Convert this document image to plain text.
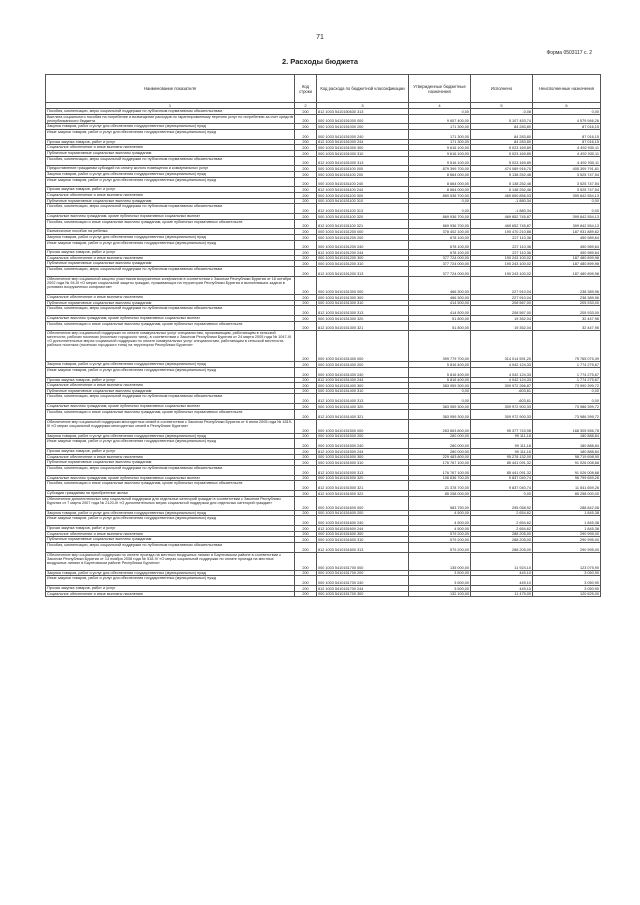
71
Форма 0503117 с. 2
2. Расходы бюджета
Наименование показателя	Код строки	Код расхода по бюджетной классификации	Утвержденные бюджетные назначения	Исполнено	Неисполненные назначения
1	2	3	4	5	6
Пособия, компенсации, меры социальной поддержки по публичным нормативным обязательствам	200	812 1003 5410150630 313	0,00	-0,08	0,00
Выплата социального пособия на погребение и возмещение расходов по гарантированному перечню услуг по погребению за счет средств республиканского бюджета	200	000 1003 5410151000 000	9 657 400,00	5 107 453,74	4 579 946,26
Закупка товаров, работ и услуг для обеспечения государственных (муниципальных) нужд	200	000 1003 5410151000 200	171 300,00	84 283,80	87 016,15
Иные закупки товаров, работ и услуг для обеспечения государственных (муниципальных) нужд	200	000 1003 5410151000 240	171 300,00	84 283,80	87 016,15
Прочая закупка товаров, работ и услуг	200	812 1003 5410151000 244	171 300,00	84 283,80	87 016,15
Социальное обеспечение и иные выплаты населению	200	000 1003 5410151000 300	9 616 100,00	5 023 169,89	4 492 930,11
Публичные нормативные социальные выплаты гражданам	200	000 1003 5410151000 310	9 616 100,00	5 023 169,89	4 492 930,11
Пособия, компенсации, меры социальной поддержки по публичным нормативным обязательствам	200	812 1003 5410151000 313	9 516 100,00	5 023 169,89	4 492 930,11
Предоставление гражданам субсидий на оплату жилого помещения и коммунальных услуг	200	000 1003 5410151100 000	879 399 700,00	474 089 916,70	405 309 791,61
Закупка товаров, работ и услуг для обеспечения государственных (муниципальных) нужд	200	000 1003 5410151100 200	8 664 000,00	5 138 252,46	3 525 747,54
Иные закупки товаров, работ и услуг для обеспечения государственных (муниципальных) нужд	200	000 1003 5410151100 240	8 664 000,00	5 138 252,46	3 525 747,54
Прочая закупка товаров, работ и услуг	200	812 1003 5410151100 244	8 664 000,00	5 138 252,46	3 525 747,54
Социальное обеспечение и иные выплаты населению	200	000 1003 5410151100 300	869 536 700,00	469 650 856,03	399 842 554,13
Публичные нормативные социальные выплаты гражданам	200	000 1003 5410151100 310	0,00	-1 880,34	0,00
Пособия, компенсации, меры социальной поддержки по публичным нормативным обязательствам	200	812 1003 5410151100 313	0,00	-1 880,34	0,00
Социальные выплаты гражданам, кроме публичных нормативных социальных выплат	200	000 1003 5410151100 320	869 936 700,00	469 652 745,87	399 842 554,13
Пособия, компенсации и иные социальные выплаты гражданам, кроме публичных нормативных обязательств	200	812 1003 5410151100 321	869 936 700,00	469 652 745,87	399 842 554,13
Ежемесячное пособие на ребенка	200	000 1003 5410151200 000	378 402 100,00	190 470 210,88	187 931 889,62
Закупка товаров, работ и услуг для обеспечения государственных (муниципальных) нужд	200	000 1003 5410151200 200	678 100,00	227 110,36	450 989,64
Иные закупки товаров, работ и услуг для обеспечения государственных (муниципальных) нужд	200	000 1003 5410151200 240	678 100,00	227 110,36	450 989,64
Прочая закупка товаров, работ и услуг	200	812 1003 5410151200 244	678 100,00	227 110,36	450 989,64
Социальное обеспечение и иные выплаты населению	200	000 1003 5410151200 300	377 724 000,00	190 243 100,02	187 480 899,98
Публичные нормативные социальные выплаты гражданам	200	000 1003 5410151200 310	377 724 000,00	190 243 100,02	187 480 899,98
Пособия, компенсации, меры социальной поддержки по публичным нормативным обязательствам	200	812 1003 5410151200 313	377 724 000,00	190 243 100,02	187 480 899,98
Обеспечение мер социальной защиты участников вооруженных конфликтов в соответствии с Законом Республики Бурятия от 16 октября 2002 года № 94-III «О мерах социальной защиты граждан, проживающих на территории Республики Бурятия и выполнявших задачи в условиях вооруженных конфликтов»	200	000 1003 5410151300 000	466 300,00	227 910,04	238 389,96
Социальное обеспечение и иные выплаты населению	200	000 1003 5410151300 300	466 300,00	227 910,04	238 389,96
Публичные нормативные социальные выплаты гражданам	200	000 1003 5410151300 310	414 500,00	208 567,00	205 933,00
Пособия, компенсации, меры социальной поддержки по публичным нормативным обязательствам	200	812 1003 5410151300 313	414 500,00	208 567,00	205 933,00
Социальные выплаты гражданам, кроме публичных нормативных социальных выплат	200	000 1003 5410151300 320	51 800,00	19 352,04	32 447,96
Пособия, компенсации и иные социальные выплаты гражданам, кроме публичных нормативных обязательств	200	812 1003 5410151300 321	51 800,00	19 352,04	32 447,96
Обеспечение мер социальной поддержки по оплате коммунальных услуг специалистам, проживающим, работающим в сельской местности, рабочих поселках (поселках городского типа), в соответствии с Законом Республики Бурятия от 24 марта 2005 года № 1047-III «О дополнительных мерах социальной поддержки по оплате коммунальных услуг специалистам, работающим в сельской местности, рабочих поселках (поселках городского типа) на территории Республики Бурятия»	200	000 1003 5410151400 000	399 779 700,00	314 014 591,20	75 765 075,39
Закупка товаров, работ и услуг для обеспечения государственных (муниципальных) нужд	200	000 1003 5410151400 200	5 816 400,00	4 042 124,33	1 774 275,67
Иные закупки товаров, работ и услуг для обеспечения государственных (муниципальных) нужд	200	000 1003 5410151400 240	5 816 400,00	4 042 124,33	1 774 275,67
Прочая закупка товаров, работ и услуг	200	812 1003 5410151400 244	5 816 400,00	4 042 124,33	1 774 275,67
Социальное обеспечение и иные выплаты населению	200	000 1003 5410151400 300	383 959 300,00	309 972 266,87	73 990 399,72
Публичные нормативные социальные выплаты гражданам	200	000 1003 5410151400 310	0,00	-603,61	0,00
Пособия, компенсации, меры социальной поддержки по публичным нормативным обязательствам	200	812 1003 5410151400 313	0,00	-603,61	0,00
Социальные выплаты гражданам, кроме публичных нормативных социальных выплат	200	000 1003 5410151400 320	383 959 300,00	309 972 900,33	73 986 399,72
Пособия, компенсации и иные социальные выплаты гражданам, кроме публичных нормативных обязательств	200	812 1003 5410151400 321	383 959 300,00	309 972 900,33	73 986 399,72
Обеспечение мер социальной поддержки многодетных семей в соответствии с Законом Республики Бурятия от 6 июня 2005 года № 1819-III «О мерах социальной поддержки многодетных семей в Республике Бурятия»	200	000 1003 5410151500 000	263 663 800,00	95 377 743,98	168 305 556,78
Закупка товаров, работ и услуг для обеспечения государственных (муниципальных) нужд	200	000 1003 5410151500 200	280 000,00	99 111,16	180 888,84
Иные закупки товаров, работ и услуг для обеспечения государственных (муниципальных) нужд	200	000 1003 5410151500 240	280 000,00	99 111,16	180 888,84
Прочая закупка товаров, работ и услуг	200	812 1003 5410151500 244	280 000,00	99 111,16	180 888,84
Социальное обеспечение и иные выплаты населению	200	000 1003 5410151500 300	229 483 800,00	95 278 132,00	98 719 698,90
Публичные нормативные социальные выплаты гражданам	200	000 1003 5410151500 310	176 767 100,00	85 441 091,32	91 026 008,68
Пособия, компенсации, меры социальной поддержки по публичным нормативным обязательствам	200	812 1003 5410151500 313	176 767 100,00	85 441 091,32	91 026 008,68
Социальные выплаты гражданам, кроме публичных нормативных социальных выплат	200	000 1003 5410151500 320	106 636 700,00	9 837 040,74	96 799 659,26
Пособия, компенсации и иные социальные выплаты гражданам, кроме публичных нормативных обязательств	200	812 1003 5410151500 321	21 378 700,00	9 837 040,74	11 541 659,26
Субсидии гражданам на приобретение жилья	200	812 1003 5410151500 322	85 258 000,00	0,00	85 258 000,00
Обеспечение дополнительных мер социальной поддержки для отдельных категорий граждан в соответствии с Законом Республики Бурятия от 7 марта 2007 года № 2120-III «О дополнительных мерах социальной поддержки для отдельных категорий граждан»	200	000 1003 5410151600 000	583 750,00	295 058,92	288 842,08
Закупка товаров, работ и услуг для обеспечения государственных (муниципальных) нужд	200	000 1003 5410151600 200	4 500,00	2 654,62	1 845,38
Иные закупки товаров, работ и услуг для обеспечения государственных (муниципальных) нужд	200	000 1003 5410151600 240	4 500,00	2 654,62	1 845,38
Прочая закупка товаров, работ и услуг	200	812 1003 5410151600 244	4 500,00	2 654,62	1 845,38
Социальное обеспечение и иные выплаты населению	200	000 1003 5410151600 300	579 200,00	288 205,00	290 995,00
Публичные нормативные социальные выплаты гражданам	200	000 1003 5410151600 310	579 200,00	288 205,00	290 995,00
Пособия, компенсации, меры социальной поддержки по публичным нормативным обязательствам	200	812 1003 5410151600 313	579 200,00	288 205,00	290 995,00
Обеспечение мер социальной поддержки по оплате проезда на местных воздушных линиях в Баунтовском районе в соответствии с Законом Республики Бурятия от 14 ноября 2008 года № 518-IV «О мерах социальной поддержки по оплате проезда на местных воздушных линиях в Баунтовском районе Республики Бурятия»	200	000 1003 5410151700 000	135 000,00	11 924,10	123 075,90
Закупка товаров, работ и услуг для обеспечения государственных (муниципальных) нужд	200	000 1003 5410151700 200	3 500,00	449,10	3 050,90
Иные закупки товаров, работ и услуг для обеспечения государственных (муниципальных) нужд	200	000 1003 5410151700 240	3 500,00	449,10	3 050,90
Прочая закупка товаров, работ и услуг	200	812 1003 5410151700 244	3 500,00	449,10	3 050,90
Социальное обеспечение и иные выплаты населению	200	000 1003 5410151700 300	132 100,00	11 475,00	120 625,00
